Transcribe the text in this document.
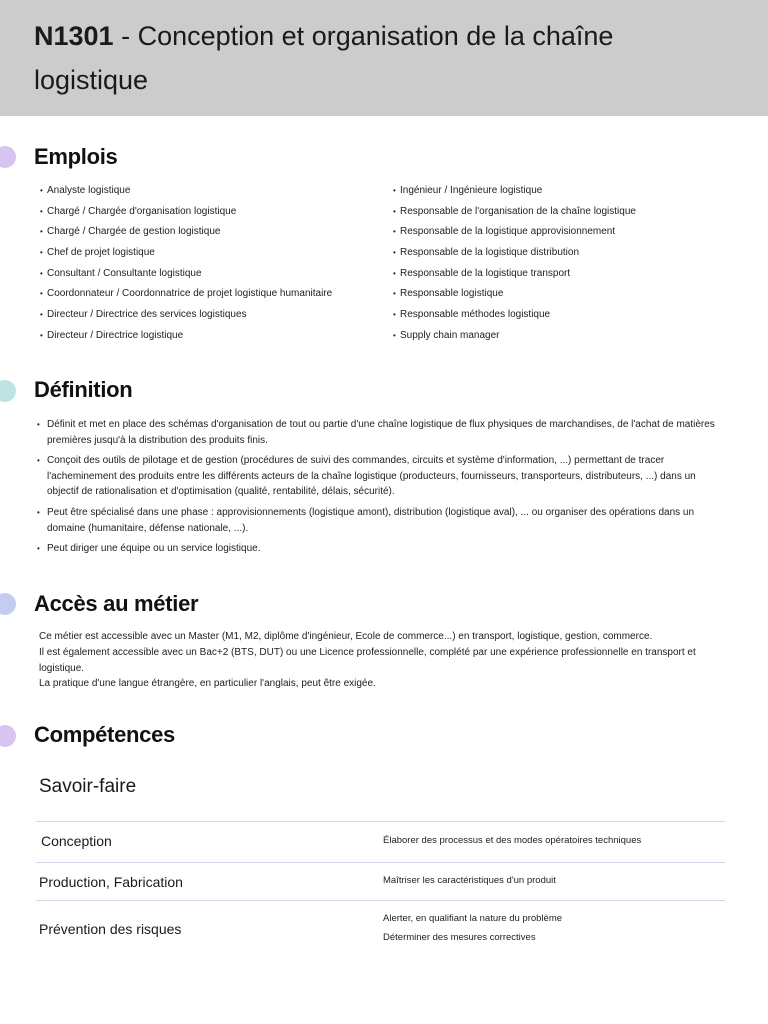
N1301 - Conception et organisation de la chaîne logistique
Emplois
• Analyste logistique
• Chargé / Chargée d'organisation logistique
• Chargé / Chargée de gestion logistique
• Chef de projet logistique
• Consultant / Consultante logistique
• Coordonnateur / Coordonnatrice de projet logistique humanitaire
• Directeur / Directrice des services logistiques
• Directeur / Directrice logistique
• Ingénieur / Ingénieure logistique
• Responsable de l'organisation de la chaîne logistique
• Responsable de la logistique approvisionnement
• Responsable de la logistique distribution
• Responsable de la logistique transport
• Responsable logistique
• Responsable méthodes logistique
• Supply chain manager
Définition
• Définit et met en place des schémas d'organisation de tout ou partie d'une chaîne logistique de flux physiques de marchandises, de l'achat de matières premières jusqu'à la distribution des produits finis.
• Conçoit des outils de pilotage et de gestion (procédures de suivi des commandes, circuits et système d'information, ...) permettant de tracer l'acheminement des produits entre les différents acteurs de la chaîne logistique (producteurs, fournisseurs, transporteurs, distributeurs, ...) dans un objectif de rationalisation et d'optimisation (qualité, rentabilité, délais, sécurité).
• Peut être spécialisé dans une phase : approvisionnements (logistique amont), distribution (logistique aval), ... ou organiser des opérations dans un domaine (humanitaire, défense nationale, ...).
• Peut diriger une équipe ou un service logistique.
Accès au métier
Ce métier est accessible avec un Master (M1, M2, diplôme d'ingénieur, Ecole de commerce...) en transport, logistique, gestion, commerce.
Il est également accessible avec un Bac+2 (BTS, DUT) ou une Licence professionnelle, complété par une expérience professionnelle en transport et logistique.
La pratique d'une langue étrangère, en particulier l'anglais, peut être exigée.
Compétences
Savoir-faire
Conception	Élaborer des processus et des modes opératoires techniques
Production, Fabrication	Maîtriser les caractéristiques d'un produit
Prévention des risques
Alerter, en qualifiant la nature du problème
Déterminer des mesures correctives
